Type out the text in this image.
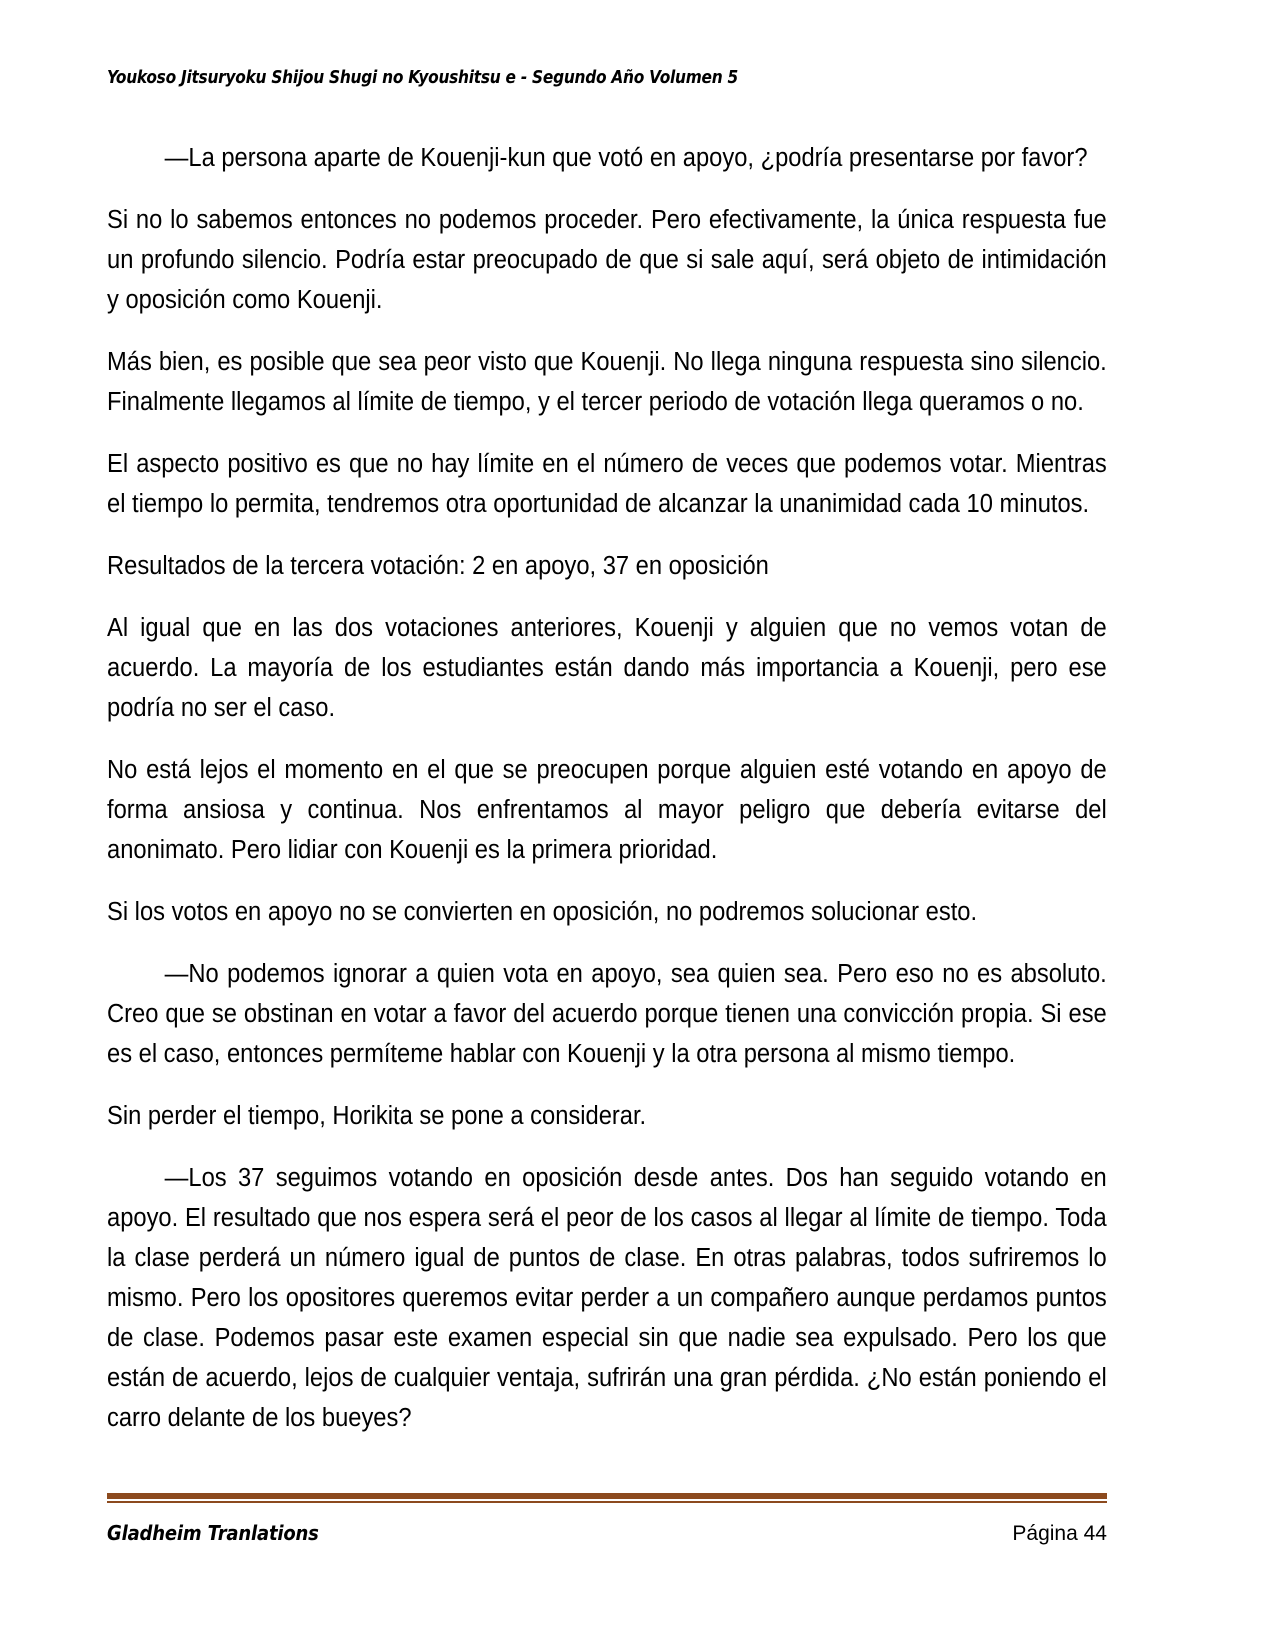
Youkoso Jitsuryoku Shijou Shugi no Kyoushitsu e - Segundo Año Volumen 5

—La persona aparte de Kouenji-kun que votó en apoyo, ¿podría presentarse por favor?

Si no lo sabemos entonces no podemos proceder. Pero efectivamente, la única respuesta fue un profundo silencio. Podría estar preocupado de que si sale aquí, será objeto de intimidación y oposición como Kouenji.

Más bien, es posible que sea peor visto que Kouenji. No llega ninguna respuesta sino silencio. Finalmente llegamos al límite de tiempo, y el tercer periodo de votación llega queramos o no.

El aspecto positivo es que no hay límite en el número de veces que podemos votar. Mientras el tiempo lo permita, tendremos otra oportunidad de alcanzar la unanimidad cada 10 minutos.

Resultados de la tercera votación: 2 en apoyo, 37 en oposición

Al igual que en las dos votaciones anteriores, Kouenji y alguien que no vemos votan de acuerdo. La mayoría de los estudiantes están dando más importancia a Kouenji, pero ese podría no ser el caso.

No está lejos el momento en el que se preocupen porque alguien esté votando en apoyo de forma ansiosa y continua. Nos enfrentamos al mayor peligro que debería evitarse del anonimato. Pero lidiar con Kouenji es la primera prioridad.

Si los votos en apoyo no se convierten en oposición, no podremos solucionar esto.

—No podemos ignorar a quien vota en apoyo, sea quien sea. Pero eso no es absoluto. Creo que se obstinan en votar a favor del acuerdo porque tienen una convicción propia. Si ese es el caso, entonces permíteme hablar con Kouenji y la otra persona al mismo tiempo.

Sin perder el tiempo, Horikita se pone a considerar.

—Los 37 seguimos votando en oposición desde antes. Dos han seguido votando en apoyo. El resultado que nos espera será el peor de los casos al llegar al límite de tiempo. Toda la clase perderá un número igual de puntos de clase. En otras palabras, todos sufriremos lo mismo. Pero los opositores queremos evitar perder a un compañero aunque perdamos puntos de clase. Podemos pasar este examen especial sin que nadie sea expulsado. Pero los que están de acuerdo, lejos de cualquier ventaja, sufrirán una gran pérdida. ¿No están poniendo el carro delante de los bueyes?

Gladheim Tranlations	Página 44
